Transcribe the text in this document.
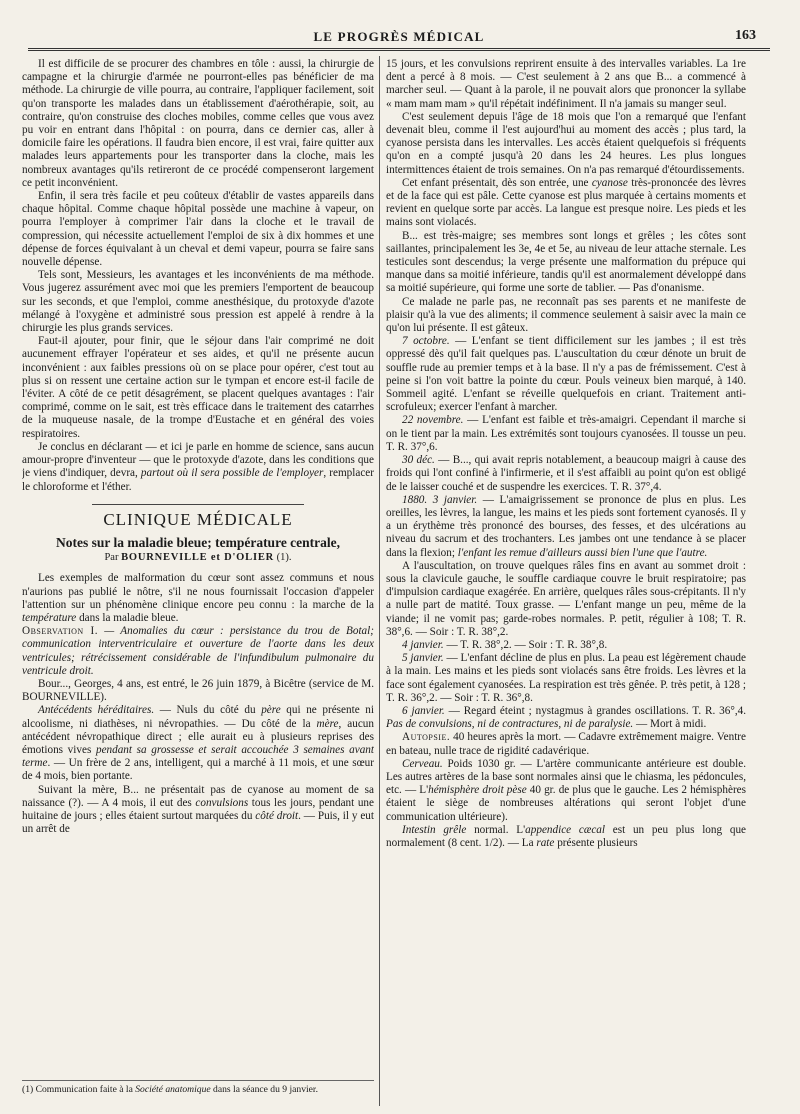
LE PROGRÈS MÉDICAL	163

Il est difficile de se procurer des chambres en tôle : aussi, la chirurgie de campagne et la chirurgie d'armée ne pourront-elles pas bénéficier de ma méthode. La chirurgie de ville pourra, au contraire, l'appliquer facilement, soit qu'on transporte les malades dans un établissement d'aérothérapie, soit, au contraire, qu'on construise des cloches mobiles, comme celles que vous avez pu voir en entrant dans l'hôpital : on pourra, dans ce dernier cas, aller à domicile faire les opérations. Il faudra bien encore, il est vrai, faire quitter aux malades leurs appartements pour les transporter dans la cloche, mais les nombreux avantages qu'ils retireront de ce procédé compenseront largement ce petit inconvénient.

Enfin, il sera très facile et peu coûteux d'établir de vastes appareils dans chaque hôpital. Comme chaque hôpital possède une machine à vapeur, on pourra l'employer à comprimer l'air dans la cloche et le travail de compression, qui nécessite actuellement l'emploi de six à dix hommes et une dépense de forces équivalant à un cheval et demi vapeur, pourra se faire sans nouvelle dépense.

Tels sont, Messieurs, les avantages et les inconvénients de ma méthode. Vous jugerez assurément avec moi que les premiers l'emportent de beaucoup sur les seconds, et que l'emploi, comme anesthésique, du protoxyde d'azote mélangé à l'oxygène et administré sous pression est appelé à rendre à la chirurgie les plus grands services.

Faut-il ajouter, pour finir, que le séjour dans l'air comprimé ne doit aucunement effrayer l'opérateur et ses aides, et qu'il ne présente aucun inconvénient : aux faibles pressions où on se place pour opérer, c'est tout au plus si on ressent une certaine action sur le tympan et encore est-il facile de l'éviter. A côté de ce petit désagrément, se placent quelques avantages : l'air comprimé, comme on le sait, est très efficace dans le traitement des catarrhes de la muqueuse nasale, de la trompe d'Eustache et en général des voies respiratoires.

Je conclus en déclarant — et ici je parle en homme de science, sans aucun amour-propre d'inventeur — que le protoxyde d'azote, dans les conditions que je viens d'indiquer, devra, partout où il sera possible de l'employer, remplacer le chloroforme et l'éther.

CLINIQUE MÉDICALE
Notes sur la maladie bleue; température centrale,
Par BOURNEVILLE et D'OLIER (1).

Les exemples de malformation du cœur sont assez communs et nous n'aurions pas publié le nôtre, s'il ne nous fournissait l'occasion d'appeler l'attention sur un phénomène clinique encore peu connu : la marche de la température dans la maladie bleue.

Observation I. — Anomalies du cœur : persistance du trou de Botal; communication interventriculaire et ouverture de l'aorte dans les deux ventricules; rétrécissement considérable de l'infundibulum pulmonaire du ventricule droit.

Bour..., Georges, 4 ans, est entré, le 26 juin 1879, à Bicêtre (service de M. BOURNEVILLE).

Antécédents héréditaires. — Nuls du côté du père qui ne présente ni alcoolisme, ni diathèses, ni névropathies. — Du côté de la mère, aucun antécédent névropathique direct ; elle aurait eu à plusieurs reprises des émotions vives pendant sa grossesse et serait accouchée 3 semaines avant terme. — Un frère de 2 ans, intelligent, qui a marché à 11 mois, et une sœur de 4 mois, bien portante.

Suivant la mère, B... ne présentait pas de cyanose au moment de sa naissance (?). — A 4 mois, il eut des convulsions tous les jours, pendant une huitaine de jours ; elles étaient surtout marquées du côté droit. — Puis, il y eut un arrêt de

(1) Communication faite à la Société anatomique dans la séance du 9 janvier.

15 jours, et les convulsions reprirent ensuite à des intervalles variables. La 1re dent a percé à 8 mois. — C'est seulement à 2 ans que B... a commencé à marcher seul. — Quant à la parole, il ne pouvait alors que prononcer la syllabe « mam mam mam » qu'il répétait indéfiniment. Il n'a jamais su manger seul.

C'est seulement depuis l'âge de 18 mois que l'on a remarqué que l'enfant devenait bleu, comme il l'est aujourd'hui au moment des accès ; plus tard, la cyanose persista dans les intervalles. Les accès étaient quelquefois si fréquents qu'on en a compté jusqu'à 20 dans les 24 heures. Les plus longues intermittences étaient de trois semaines. On n'a pas remarqué d'étourdissements.

Cet enfant présentait, dès son entrée, une cyanose très-prononcée des lèvres et de la face qui est pâle. Cette cyanose est plus marquée à certains moments et revient en quelque sorte par accès. La langue est presque noire. Les pieds et les mains sont violacés.

B... est très-maigre; ses membres sont longs et grêles ; les côtes sont saillantes, principalement les 3e, 4e et 5e, au niveau de leur attache sternale. Les testicules sont descendus; la verge présente une malformation du prépuce qui manque dans sa moitié inférieure, tandis qu'il est anormalement développé dans sa moitié supérieure, qui forme une sorte de tablier. — Pas d'onanisme.

Ce malade ne parle pas, ne reconnaît pas ses parents et ne manifeste de plaisir qu'à la vue des aliments; il commence seulement à saisir avec la main ce qu'on lui présente. Il est gâteux.

7 octobre. — L'enfant se tient difficilement sur les jambes ; il est très oppressé dès qu'il fait quelques pas. L'auscultation du cœur dénote un bruit de souffle rude au premier temps et à la base. Il n'y a pas de frémissement. C'est à peine si l'on voit battre la pointe du cœur. Pouls veineux bien marqué, à 140. Sommeil agité. L'enfant se réveille quelquefois en criant. Traitement anti-scrofuleux; exercer l'enfant à marcher.

22 novembre. — L'enfant est faible et très-amaigri. Cependant il marche si on le tient par la main. Les extrémités sont toujours cyanosées. Il tousse un peu. T. R. 37°,6.

30 déc. — B..., qui avait repris notablement, a beaucoup maigri à cause des froids qui l'ont confiné à l'infirmerie, et il s'est affaibli au point qu'on est obligé de le laisser couché et de suspendre les exercices. T. R. 37°,4.

1880. 3 janvier. — L'amaigrissement se prononce de plus en plus. Les oreilles, les lèvres, la langue, les mains et les pieds sont fortement cyanosés. Il y a un érythème très prononcé des bourses, des fesses, et des ulcérations au niveau du sacrum et des trochanters. Les jambes ont une tendance à se placer dans la flexion; l'enfant les remue d'ailleurs aussi bien l'une que l'autre.

A l'auscultation, on trouve quelques râles fins en avant au sommet droit : sous la clavicule gauche, le souffle cardiaque couvre le bruit respiratoire; pas d'impulsion cardiaque exagérée. En arrière, quelques râles sous-crépitants. Il n'y a nulle part de matité. Toux grasse. — L'enfant mange un peu, même de la viande; il ne vomit pas; garde-robes normales. P. petit, régulier à 108; T. R. 38°,6. — Soir : T. R. 38°,2.

4 janvier. — T. R. 38°,2. — Soir : T. R. 38°,8.

5 janvier. — L'enfant décline de plus en plus. La peau est légèrement chaude à la main. Les mains et les pieds sont violacés sans être froids. Les lèvres et la face sont également cyanosées. La respiration est très gênée. P. très petit, à 128 ; T. R. 36°,2. — Soir : T. R. 36°,8.

6 janvier. — Regard éteint ; nystagmus à grandes oscillations. T. R. 36°,4. Pas de convulsions, ni de contractures, ni de paralysie. — Mort à midi.

Autopsie. 40 heures après la mort. — Cadavre extrêmement maigre. Ventre en bateau, nulle trace de rigidité cadavérique.

Cerveau. Poids 1030 gr. — L'artère communicante antérieure est double. Les autres artères de la base sont normales ainsi que le chiasma, les pédoncules, etc. — L'hémisphère droit pèse 40 gr. de plus que le gauche. Les 2 hémisphères étaient le siège de nombreuses altérations qui seront l'objet d'une communication ultérieure).

Intestin grêle normal. L'appendice cæcal est un peu plus long que normalement (8 cent. 1/2). — La rate présente plusieurs
